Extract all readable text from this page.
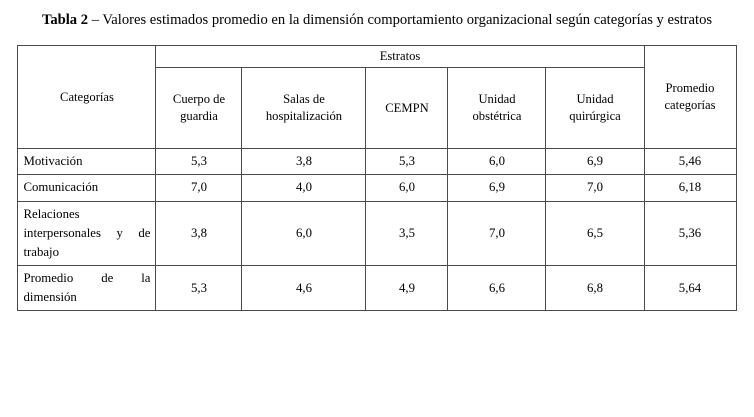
Tabla 2 – Valores estimados promedio en la dimensión comportamiento organizacional según categorías y estratos
Categorías	Estratos					Promedio categorías
	Cuerpo de guardia	Salas de hospitalización	CEMPN	Unidad obstétrica	Unidad quirúrgica	
Motivación	5,3	3,8	5,3	6,0	6,9	5,46
Comunicación	7,0	4,0	6,0	6,9	7,0	6,18
Relaciones interpersonales y de trabajo	3,8	6,0	3,5	7,0	6,5	5,36
Promedio de la dimensión	5,3	4,6	4,9	6,6	6,8	5,64
